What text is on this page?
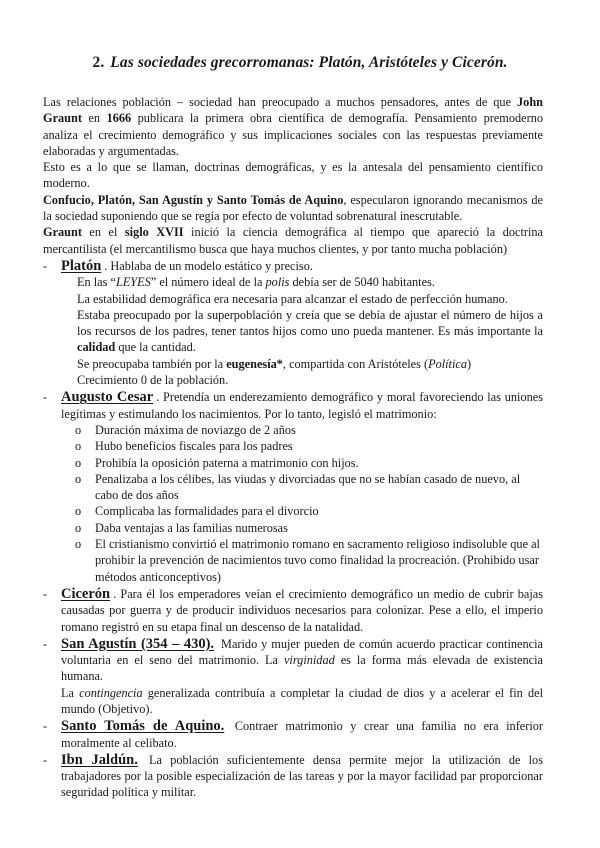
2. Las sociedades grecorromanas: Platón, Aristóteles y Cicerón.

Las relaciones población – sociedad han preocupado a muchos pensadores, antes de que John Graunt en 1666 publicara la primera obra científica de demografía. Pensamiento premoderno analiza el crecimiento demográfico y sus implicaciones sociales con las respuestas previamente elaboradas y argumentadas.

Esto es a lo que se llaman, doctrinas demográficas, y es la antesala del pensamiento científico moderno.

Confucio, Platón, San Agustín y Santo Tomás de Aquino, especularon ignorando mecanismos de la sociedad suponiendo que se regía por efecto de voluntad sobrenatural inescrutable.

Graunt en el siglo XVII inició la ciencia demográfica al tiempo que apareció la doctrina mercantilista (el mercantilismo busca que haya muchos clientes, y por tanto mucha población)

- Platón . Hablaba de un modelo estático y preciso.

En las “LEYES” el número ideal de la polis debía ser de 5040 habitantes.

La estabilidad demográfica era necesaria para alcanzar el estado de perfección humano.

Estaba preocupado por la superpoblación y creía que se debía de ajustar el número de hijos a los recursos de los padres, tener tantos hijos como uno pueda mantener. Es más importante la calidad que la cantidad.

Se preocupaba también por la eugenesía*, compartida con Aristóteles (Política)

Crecimiento 0 de la población.

- Augusto Cesar . Pretendía un enderezamiento demográfico y moral favoreciendo las uniones legítimas y estimulando los nacimientos. Por lo tanto, legisló el matrimonio:

o	Duración máxima de noviazgo de 2 años
o	Hubo beneficios fiscales para los padres
o	Prohibía la oposición paterna a matrimonio con hijos.
o	Penalizaba a los célibes, las viudas y divorciadas que no se habían casado de nuevo, al cabo de dos años
o	Complicaba las formalidades para el divorcio
o	Daba ventajas a las familias numerosas
o	El cristianismo convirtió el matrimonio romano en sacramento religioso indisoluble que al prohibir la prevención de nacimientos tuvo como finalidad la procreación. (Prohibido usar métodos anticonceptivos)
- Cicerón . Para él los emperadores veían el crecimiento demográfico un medio de cubrir bajas causadas por guerra y de producir individuos necesarios para colonizar. Pese a ello, el imperio romano registró en su etapa final un descenso de la natalidad.

- San Agustín (354 – 430). Marido y mujer pueden de común acuerdo practicar continencia voluntaria en el seno del matrimonio. La virginidad es la forma más elevada de existencia humana.

La contingencia generalizada contribuía a completar la ciudad de dios y a acelerar el fin del mundo (Objetivo).

- Santo Tomás de Aquino. Contraer matrimonio y crear una familia no era inferior moralmente al celibato.

- Ibn Jaldún. La población suficientemente densa permite mejor la utilización de los trabajadores por la posible especialización de las tareas y por la mayor facilidad par proporcionar seguridad política y militar.
